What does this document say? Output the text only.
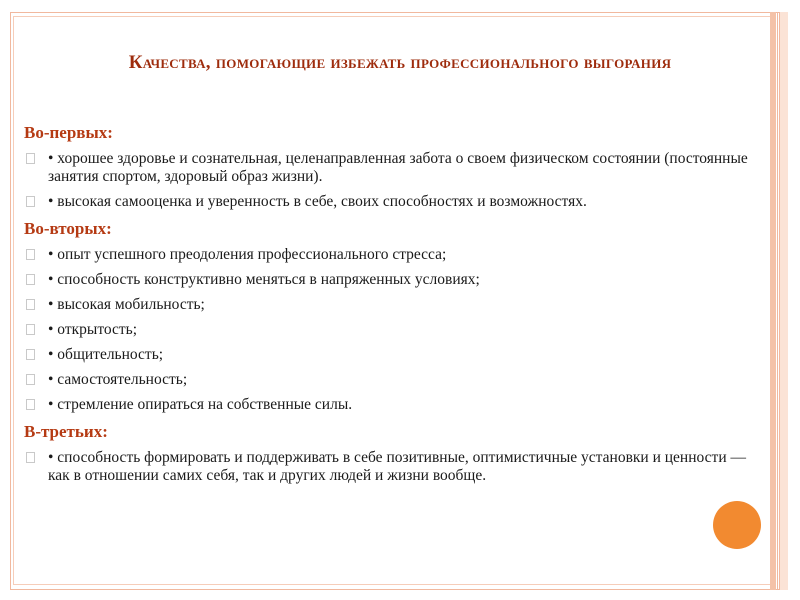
Качества, помогающие избежать профессионального выгорания
Во-первых:
• хорошее здоровье и сознательная, целенаправленная забота о своем физическом состоянии (постоянные занятия спортом, здоровый образ жизни).
• высокая самооценка и уверенность в себе, своих способностях и возможностях.
Во-вторых:
• опыт успешного преодоления профессионального стресса;
• способность конструктивно меняться в напряженных условиях;
• высокая мобильность;
• открытость;
• общительность;
• самостоятельность;
• стремление опираться на собственные силы.
В-третьих:
• способность формировать и поддерживать в себе позитивные, оптимистичные установки и ценности — как в отношении самих себя, так и других людей и жизни вообще.
